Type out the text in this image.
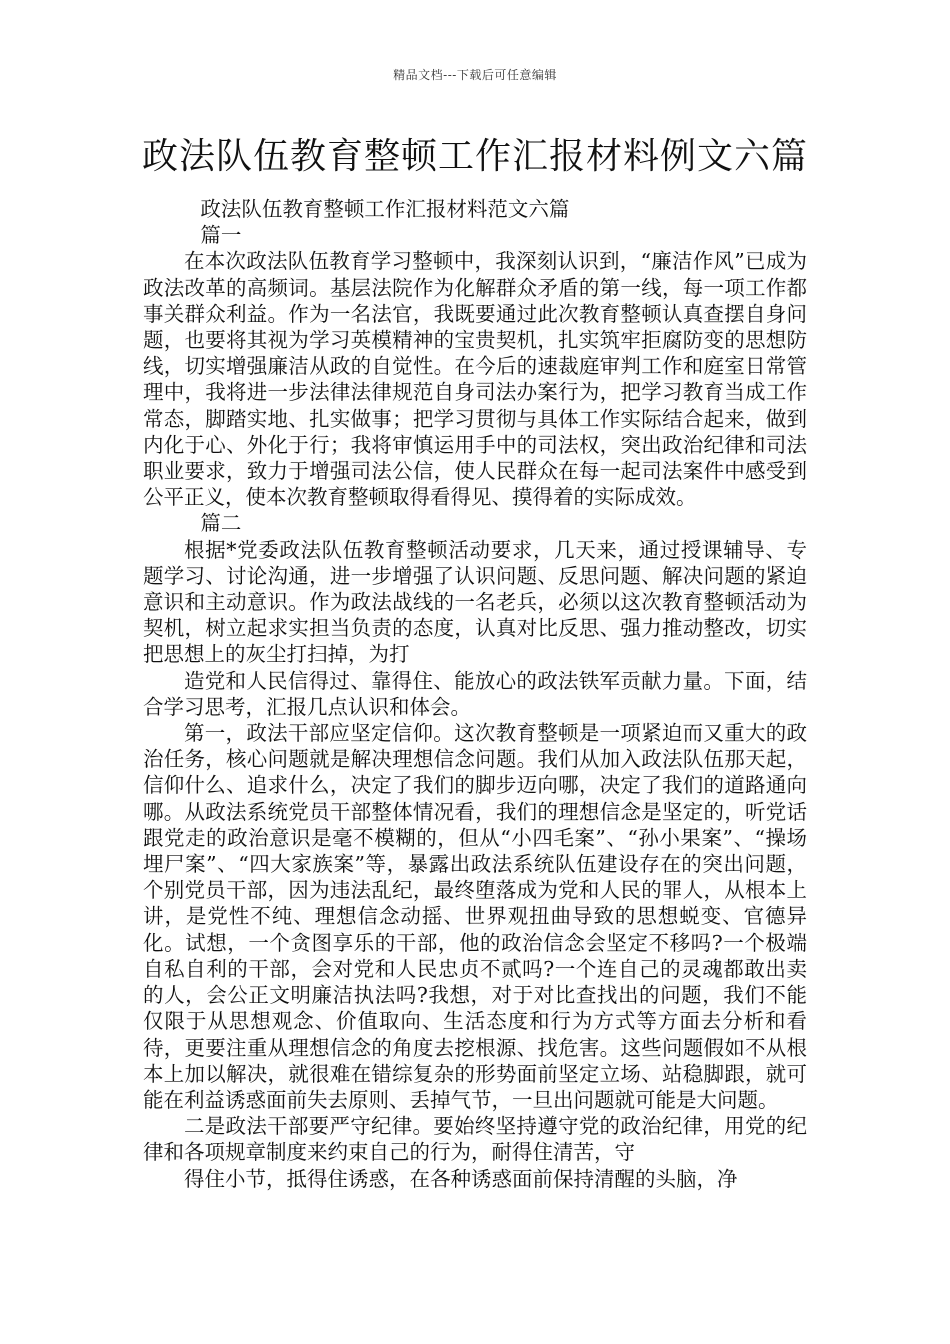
精品文档---下载后可任意编辑
政法队伍教育整顿工作汇报材料例文六篇

政法队伍教育整顿工作汇报材料范文六篇

篇一

在本次政法队伍教育学习整顿中，我深刻认识到，“廉洁作风”已成为政法改革的高频词。基层法院作为化解群众矛盾的第一线，每一项工作都事关群众利益。作为一名法官，我既要通过此次教育整顿认真查摆自身问题，也要将其视为学习英模精神的宝贵契机，扎实筑牢拒腐防变的思想防线，切实增强廉洁从政的自觉性。在今后的速裁庭审判工作和庭室日常管理中，我将进一步法律法律规范自身司法办案行为，把学习教育当成工作常态，脚踏实地、扎实做事；把学习贯彻与具体工作实际结合起来，做到内化于心、外化于行；我将审慎运用手中的司法权，突出政治纪律和司法职业要求，致力于增强司法公信，使人民群众在每一起司法案件中感受到公平正义，使本次教育整顿取得看得见、摸得着的实际成效。

篇二

根据*党委政法队伍教育整顿活动要求，几天来，通过授课辅导、专题学习、讨论沟通，进一步增强了认识问题、反思问题、解决问题的紧迫意识和主动意识。作为政法战线的一名老兵，必须以这次教育整顿活动为契机，树立起求实担当负责的态度，认真对比反思、强力推动整改，切实把思想上的灰尘打扫掉，为打

造党和人民信得过、靠得住、能放心的政法铁军贡献力量。下面，结合学习思考，汇报几点认识和体会。

第一，政法干部应坚定信仰。这次教育整顿是一项紧迫而又重大的政治任务，核心问题就是解决理想信念问题。我们从加入政法队伍那天起，信仰什么、追求什么，决定了我们的脚步迈向哪，决定了我们的道路通向哪。从政法系统党员干部整体情况看，我们的理想信念是坚定的，听党话跟党走的政治意识是毫不模糊的，但从“小四毛案”、“孙小果案”、“操场埋尸案”、“四大家族案”等，暴露出政法系统队伍建设存在的突出问题，个别党员干部，因为违法乱纪，最终堕落成为党和人民的罪人，从根本上讲，是党性不纯、理想信念动摇、世界观扭曲导致的思想蜕变、官德异化。试想，一个贪图享乐的干部，他的政治信念会坚定不移吗?一个极端自私自利的干部，会对党和人民忠贞不贰吗?一个连自己的灵魂都敢出卖的人，会公正文明廉洁执法吗?我想，对于对比查找出的问题，我们不能仅限于从思想观念、价值取向、生活态度和行为方式等方面去分析和看待，更要注重从理想信念的角度去挖根源、找危害。这些问题假如不从根本上加以解决，就很难在错综复杂的形势面前坚定立场、站稳脚跟，就可能在利益诱惑面前失去原则、丢掉气节，一旦出问题就可能是大问题。

二是政法干部要严守纪律。要始终坚持遵守党的政治纪律，用党的纪律和各项规章制度来约束自己的行为，耐得住清苦，守

得住小节，抵得住诱惑，在各种诱惑面前保持清醒的头脑，净
